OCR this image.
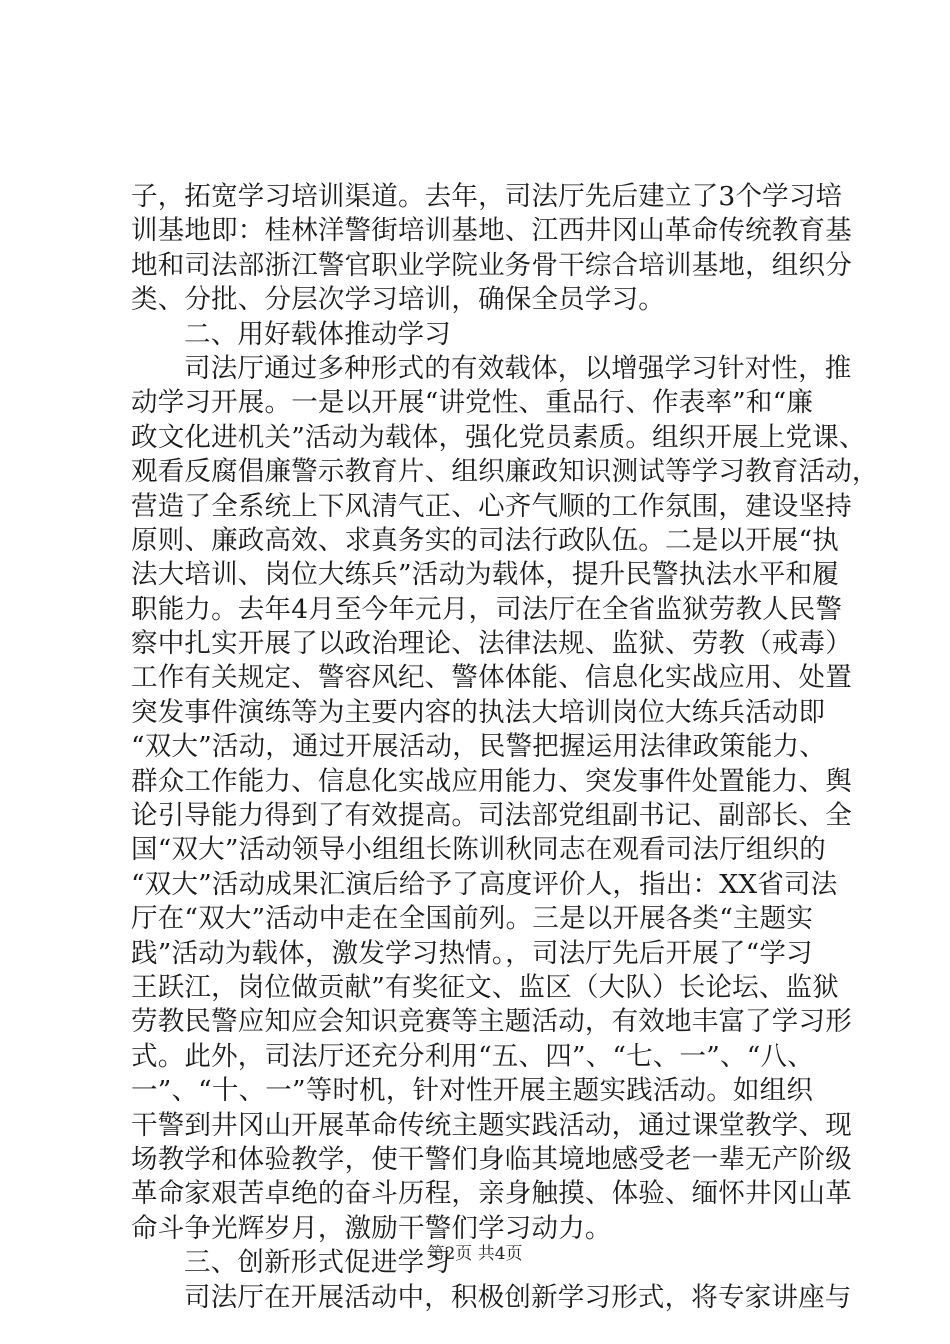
子，拓宽学习培训渠道。去年，司法厅先后建立了3个学习培
训基地即：桂林洋警街培训基地、江西井冈山革命传统教育基
地和司法部浙江警官职业学院业务骨干综合培训基地，组织分
类、分批、分层次学习培训，确保全员学习。
二、用好载体推动学习
司法厅通过多种形式的有效载体，以增强学习针对性，推
动学习开展。一是以开展“讲党性、重品行、作表率”和“廉
政文化进机关”活动为载体，强化党员素质。组织开展上党课、
观看反腐倡廉警示教育片、组织廉政知识测试等学习教育活动，
营造了全系统上下风清气正、心齐气顺的工作氛围，建设坚持
原则、廉政高效、求真务实的司法行政队伍。二是以开展“执
法大培训、岗位大练兵”活动为载体，提升民警执法水平和履
职能力。去年4月至今年元月，司法厅在全省监狱劳教人民警
察中扎实开展了以政治理论、法律法规、监狱、劳教（戒毒）
工作有关规定、警容风纪、警体体能、信息化实战应用、处置
突发事件演练等为主要内容的执法大培训岗位大练兵活动即
“双大”活动，通过开展活动，民警把握运用法律政策能力、
群众工作能力、信息化实战应用能力、突发事件处置能力、舆
论引导能力得到了有效提高。司法部党组副书记、副部长、全
国“双大”活动领导小组组长陈训秋同志在观看司法厅组织的
“双大”活动成果汇演后给予了高度评价人，指出：XX省司法
厅在“双大”活动中走在全国前列。三是以开展各类“主题实
践”活动为载体，激发学习热情。，司法厅先后开展了“学习
王跃江，岗位做贡献”有奖征文、监区（大队）长论坛、监狱
劳教民警应知应会知识竞赛等主题活动，有效地丰富了学习形
式。此外，司法厅还充分利用“五、四”、“七、一”、“八、
一”、“十、一”等时机，针对性开展主题实践活动。如组织
干警到井冈山开展革命传统主题实践活动，通过课堂教学、现
场教学和体验教学，使干警们身临其境地感受老一辈无产阶级
革命家艰苦卓绝的奋斗历程，亲身触摸、体验、缅怀井冈山革
命斗争光辉岁月，激励干警们学习动力。
三、创新形式促进学习
司法厅在开展活动中，积极创新学习形式，将专家讲座与
第2页 共4页
